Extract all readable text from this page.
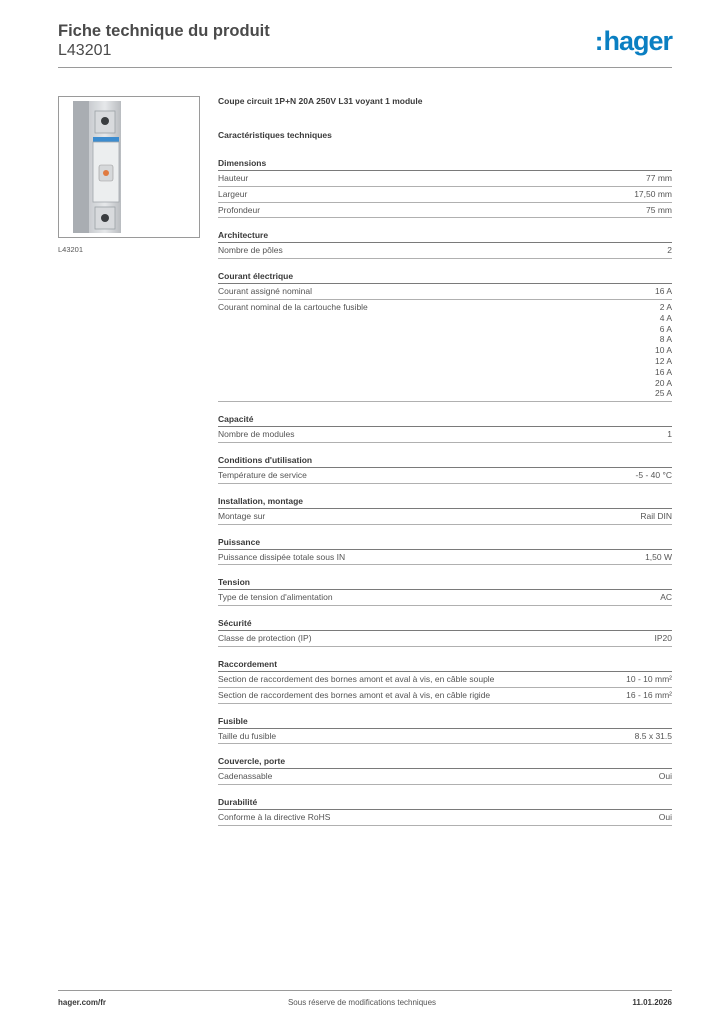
Fiche technique du produit
L43201	:hager
L43201
Coupe circuit 1P+N 20A 250V L31 voyant 1 module
Caractéristiques techniques
Dimensions
Hauteur	77 mm
Largeur	17,50 mm
Profondeur	75 mm
Architecture
Nombre de pôles	2
Courant électrique
Courant assigné nominal	16 A
Courant nominal de la cartouche fusible	2 A
4 A
6 A
8 A
10 A
12 A
16 A
20 A
25 A
Capacité
Nombre de modules	1
Conditions d'utilisation
Température de service	-5 - 40 °C
Installation, montage
Montage sur	Rail DIN
Puissance
Puissance dissipée totale sous IN	1,50 W
Tension
Type de tension d'alimentation	AC
Sécurité
Classe de protection (IP)	IP20
Raccordement
Section de raccordement des bornes amont et aval à vis, en câble souple	10 - 10 mm²
Section de raccordement des bornes amont et aval à vis, en câble rigide	16 - 16 mm²
Fusible
Taille du fusible	8.5 x 31.5
Couvercle, porte
Cadenassable	Oui
Durabilité
Conforme à la directive RoHS	Oui
hager.com/fr	Sous réserve de modifications techniques	11.01.2026
